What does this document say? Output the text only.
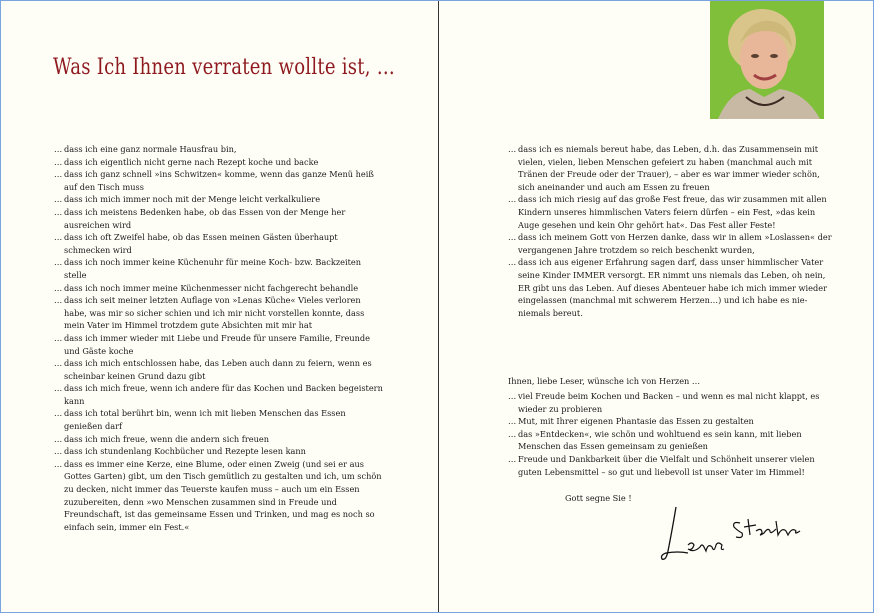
Was Ich Ihnen verraten wollte ist, …
… dass ich eine ganz normale Hausfrau bin,
… dass ich eigentlich nicht gerne nach Rezept koche und backe
… dass ich ganz schnell »ins Schwitzen« komme, wenn das ganze Menü heiß auf den Tisch muss
… dass ich mich immer noch mit der Menge leicht verkalkuliere
… dass ich meistens Bedenken habe, ob das Essen von der Menge her ausreichen wird
… dass ich oft Zweifel habe, ob das Essen meinen Gästen überhaupt schmecken wird
… dass ich noch immer keine Küchenuhr für meine Koch- bzw. Backzeiten stelle
… dass ich noch immer meine Küchenmesser nicht fachgerecht behandle
… dass ich seit meiner letzten Auflage von »Lenas Küche« Vieles verloren habe, was mir so sicher schien und ich mir nicht vorstellen konnte, dass mein Vater im Himmel trotzdem gute Absichten mit mir hat
… dass ich immer wieder mit Liebe und Freude für unsere Familie, Freunde und Gäste koche
… dass ich mich entschlossen habe, das Leben auch dann zu feiern, wenn es scheinbar keinen Grund dazu gibt
… dass ich mich freue, wenn ich andere für das Kochen und Backen begeistern kann
… dass ich total berührt bin, wenn ich mit lieben Menschen das Essen genießen darf
… dass ich mich freue, wenn die andern sich freuen
… dass ich stundenlang Kochbücher und Rezepte lesen kann
… dass es immer eine Kerze, eine Blume, oder einen Zweig (und sei er aus Gottes Garten) gibt, um den Tisch gemütlich zu gestalten und ich, um schön zu decken, nicht immer das Teuerste kaufen muss – auch um ein Essen zuzubereiten, denn »wo Menschen zusammen sind in Freude und Freundschaft, ist das gemeinsame Essen und Trinken, und mag es noch so einfach sein, immer ein Fest.«
… dass ich es niemals bereut habe, das Leben, d.h. das Zusammensein mit vielen, vielen, lieben Menschen gefeiert zu haben (manchmal auch mit Tränen der Freude oder der Trauer), – aber es war immer wieder schön, sich aneinander und auch am Essen zu freuen
… dass ich mich riesig auf das große Fest freue, das wir zusammen mit allen Kindern unseres himmlischen Vaters feiern dürfen – ein Fest, »das kein Auge gesehen und kein Ohr gehört hat«. Das Fest aller Feste!
… dass ich meinem Gott von Herzen danke, dass wir in allem »Loslassen« der vergangenen Jahre trotzdem so reich beschenkt wurden,
… dass ich aus eigener Erfahrung sagen darf, dass unser himmlischer Vater seine Kinder IMMER versorgt. ER nimmt uns niemals das Leben, oh nein, ER gibt uns das Leben. Auf dieses Abenteuer habe ich mich immer wieder eingelassen (manchmal mit schwerem Herzen…) und ich habe es nie-niemals bereut.
Ihnen, liebe Leser, wünsche ich von Herzen …
… viel Freude beim Kochen und Backen – und wenn es mal nicht klappt, es wieder zu probieren
… Mut, mit Ihrer eigenen Phantasie das Essen zu gestalten
… das »Entdecken«, wie schön und wohltuend es sein kann, mit lieben Menschen das Essen gemeinsam zu genießen
… Freude und Dankbarkeit über die Vielfalt und Schönheit unserer vielen guten Lebensmittel – so gut und liebevoll ist unser Vater im Himmel!
Gott segne Sie !
